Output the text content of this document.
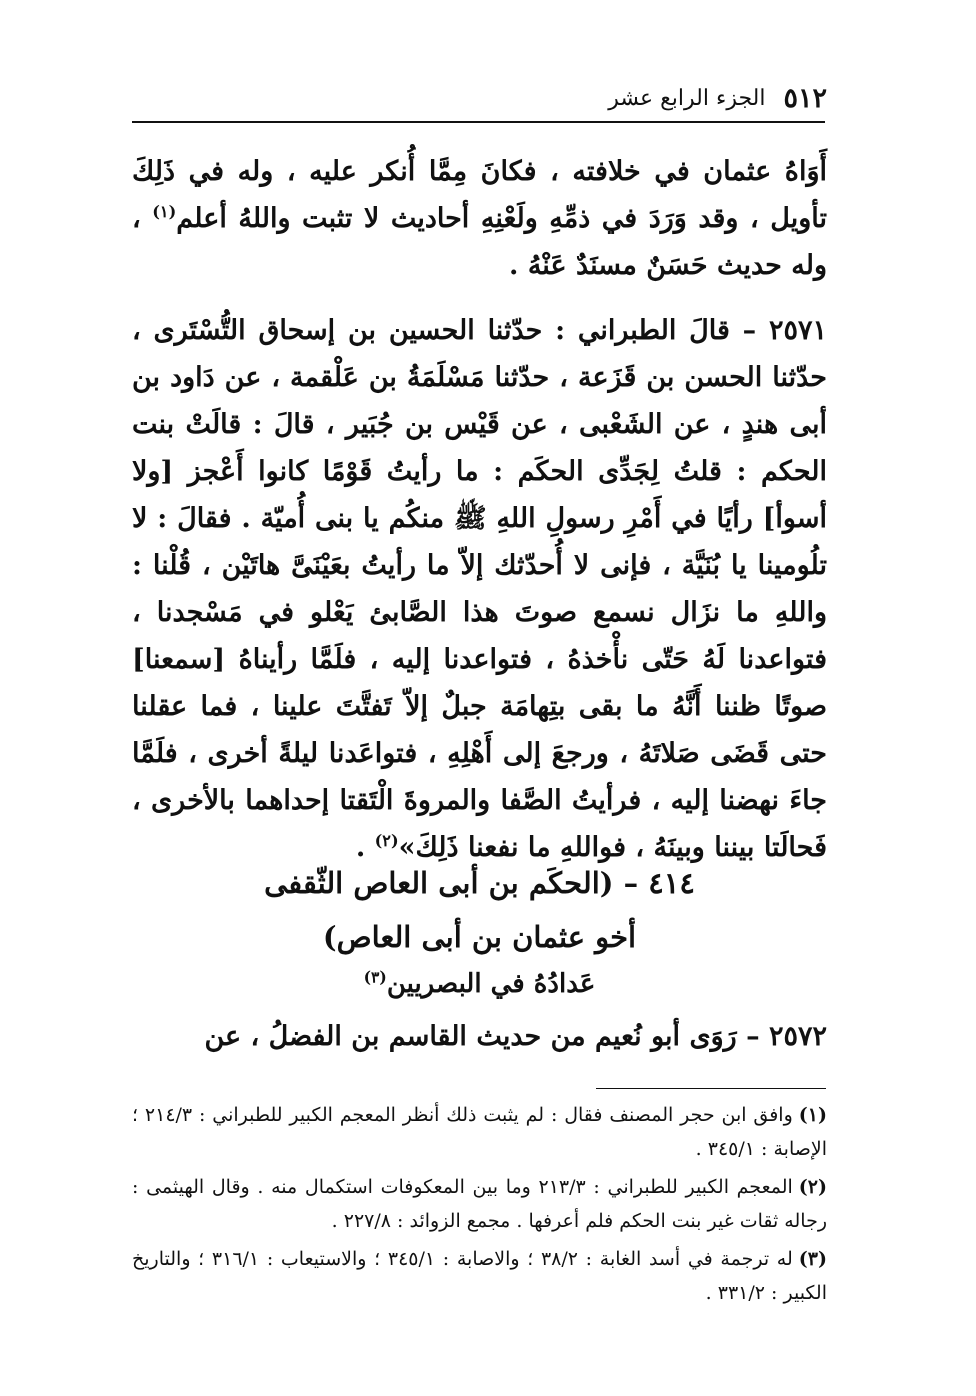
٥١٢
الجزء الرابع عشر
أَوَاهُ عثمان في خلافته ، فكانَ مِمَّا أُنكر عليه ، وله في ذَلِكَ تأويل ، وقد وَرَدَ في ذمِّهِ ولَعْنِهِ أحاديث لا تثبت واللهُ أعلم$^{(١)}$ ، وله حديث حَسَنٌ مسنَدٌ عَنْهُ .
٢٥٧١ – قالَ الطبراني : حدّثنا الحسين بن إسحاق التُّسْتَرى ، حدّثنا الحسن بن قَزَعة ، حدّثنا مَسْلَمَةُ بن عَلْقمة ، عن دَاود بن أبى هندٍ ، عن الشَعْبى ، عن قَيْس بن جُبَير ، قالَ : قالَتْ بنت الحكم : قلتُ لِجَدِّى الحكَم : ما رأيتُ قَوْمًا كانوا أَعْجز [ولا أسوأ] رأيًا في أَمْرِ رسولِ اللهِ ﷺ منكُم يا بنى أُميّة . فقالَ : لا تلُومينا يا بُنَيَّة ، فإنى لا أُحدّثك إلاّ ما رأيتُ بعَيْنَىَّ هاتَيْن ، قُلْنا : واللهِ ما نزَال نسمع صوتَ هذا الصَّابئ يَعْلو في مَسْجدنا ، فتواعدنا لَهُ حَتّى نأْخذهُ ، فتواعدنا إليه ، فلَمَّا رأيناهُ [سمعنا] صوتًا ظننا أَنَّهُ ما بقى بتِهامَة جبلٌ إلاّ تَفتَّتَ علينا ، فما عقلنا حتى قَضَى صَلاتَهُ ، ورجعَ إلى أَهْلِهِ ، فتواعَدنا ليلةً أخرى ، فلَمَّا جاءَ نهضنا إليه ، فرأيتُ الصَّفا والمروةَ الْتَقتا إحداهما بالأخرى ، فَحالَتا بيننا وبينَهُ ، فواللهِ ما نفعنا ذَلِكَ»$^{(٢)}$ .
٤١٤ – (الحكَم بن أبى العاص الثّقفى
أخو عثمان بن أبى العاص)
عَدادُهُ في البصريين$^{(٣)}$
٢٥٧٢ – رَوَى أبو نُعيم من حديث القاسم بن الفضلُ ، عن

(١)وافق ابن حجر المصنف فقال : لم يثبت ذلك أنظر المعجم الكبير للطبراني : ٢١٤/٣ ؛ الإصابة : ٣٤٥/١ .

(٢)المعجم الكبير للطبراني : ٢١٣/٣ وما بين المعكوفات استكمال منه . وقال الهيثمى : رجاله ثقات غير بنت الحكم فلم أعرفها . مجمع الزوائد : ٢٢٧/٨ .

(٣)له ترجمة في أسد الغابة : ٣٨/٢ ؛ والاصابة : ٣٤٥/١ ؛ والاستيعاب : ٣١٦/١ ؛ والتاريخ الكبير : ٣٣١/٢ .
